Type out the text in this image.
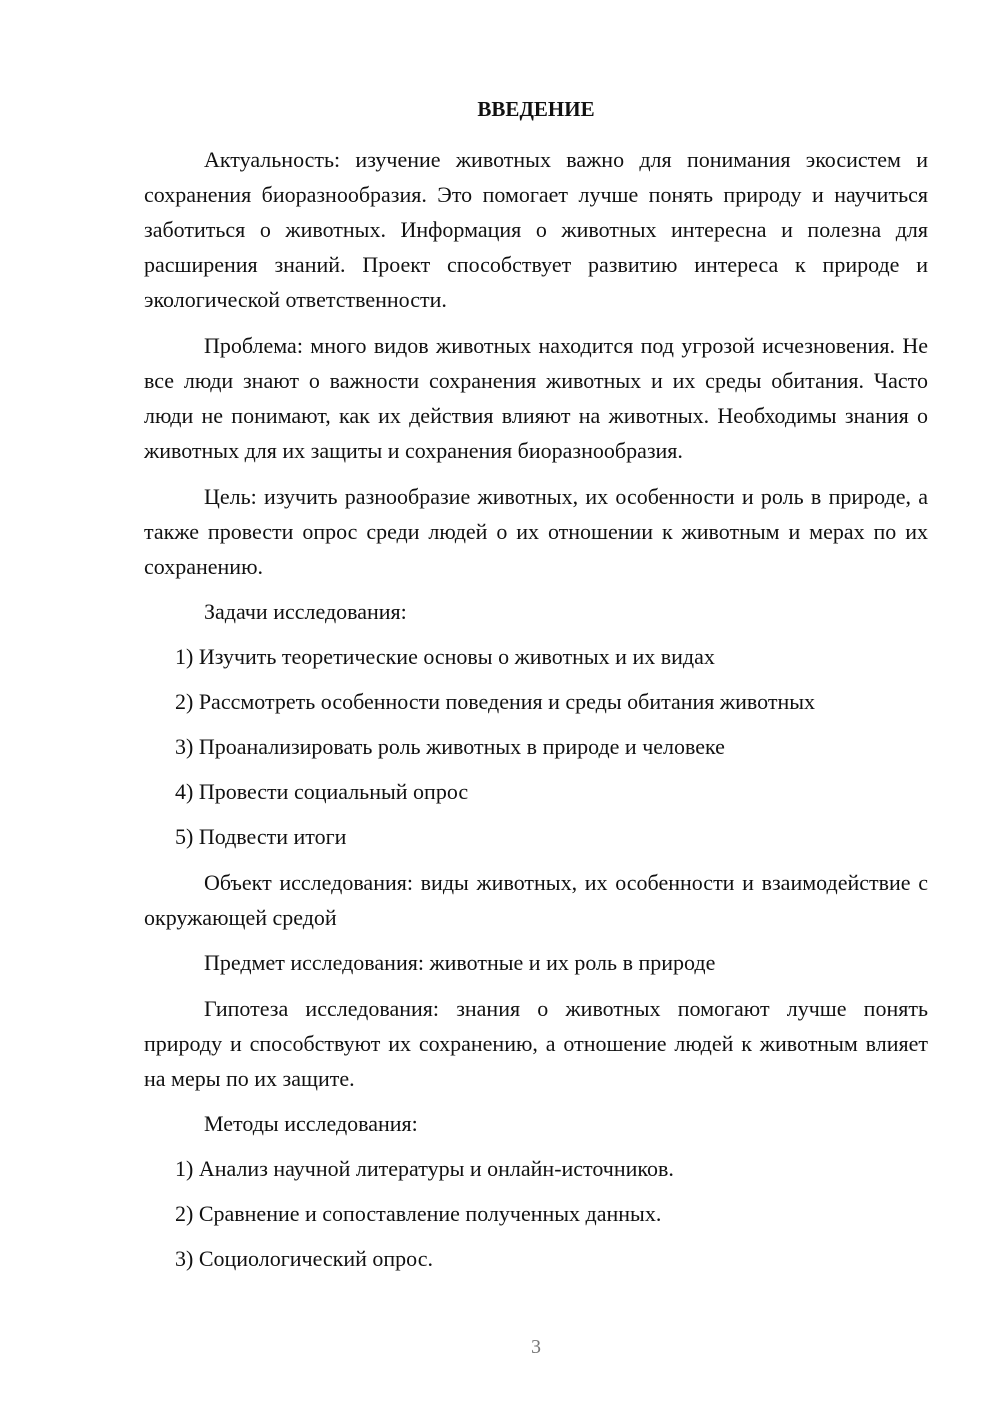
ВВЕДЕНИЕ

Актуальность: изучение животных важно для понимания экосистем и сохранения биоразнообразия. Это помогает лучше понять природу и научиться заботиться о животных. Информация о животных интересна и полезна для расширения знаний. Проект способствует развитию интереса к природе и экологической ответственности.

Проблема: много видов животных находится под угрозой исчезновения. Не все люди знают о важности сохранения животных и их среды обитания. Часто люди не понимают, как их действия влияют на животных. Необходимы знания о животных для их защиты и сохранения биоразнообразия.

Цель: изучить разнообразие животных, их особенности и роль в природе, а также провести опрос среди людей о их отношении к животным и мерах по их сохранению.

Задачи исследования:
1) Изучить теоретические основы о животных и их видах
2) Рассмотреть особенности поведения и среды обитания животных
3) Проанализировать роль животных в природе и человеке
4) Провести социальный опрос
5) Подвести итоги

Объект исследования: виды животных, их особенности и взаимодействие с окружающей средой

Предмет исследования: животные и их роль в природе

Гипотеза исследования: знания о животных помогают лучше понять природу и способствуют их сохранению, а отношение людей к животным влияет на меры по их защите.

Методы исследования:
1) Анализ научной литературы и онлайн-источников.
2) Сравнение и сопоставление полученных данных.
3) Социологический опрос.
3
